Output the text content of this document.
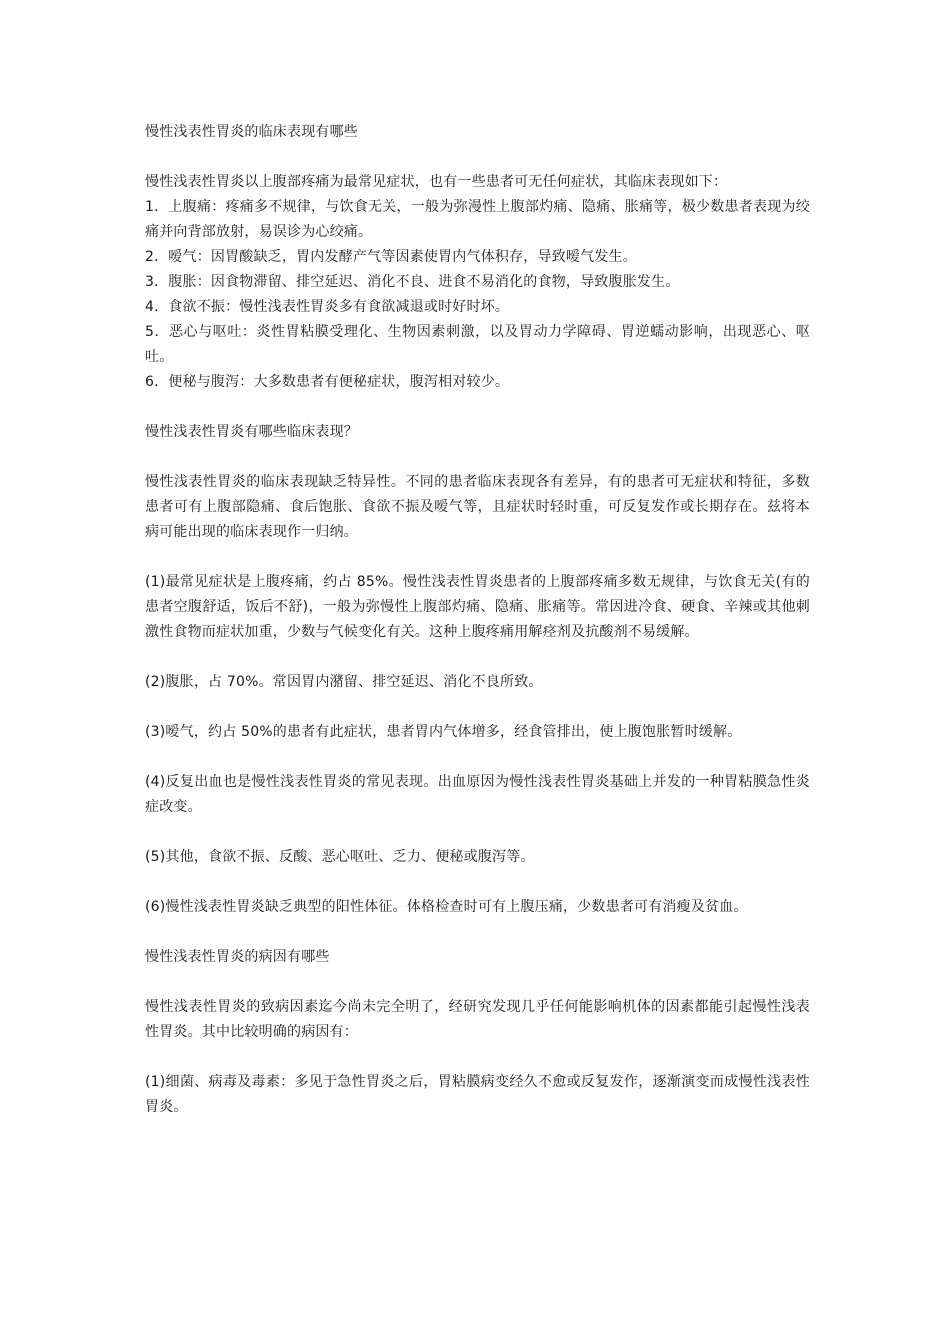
慢性浅表性胃炎的临床表现有哪些

慢性浅表性胃炎以上腹部疼痛为最常见症状，也有一些患者可无任何症状，其临床表现如下：

1．上腹痛：疼痛多不规律，与饮食无关，一般为弥漫性上腹部灼痛、隐痛、胀痛等，极少数患者表现为绞痛并向背部放射，易误诊为心绞痛。

2．嗳气：因胃酸缺乏，胃内发酵产气等因素使胃内气体积存，导致嗳气发生。

3．腹胀：因食物滞留、排空延迟、消化不良、进食不易消化的食物，导致腹胀发生。

4．食欲不振：慢性浅表性胃炎多有食欲减退或时好时坏。

5．恶心与呕吐：炎性胃粘膜受理化、生物因素刺激，以及胃动力学障碍、胃逆蠕动影响，出现恶心、呕吐。

6．便秘与腹泻：大多数患者有便秘症状，腹泻相对较少。

慢性浅表性胃炎有哪些临床表现？

慢性浅表性胃炎的临床表现缺乏特异性。不同的患者临床表现各有差异，有的患者可无症状和特征，多数患者可有上腹部隐痛、食后饱胀、食欲不振及嗳气等，且症状时轻时重，可反复发作或长期存在。兹将本病可能出现的临床表现作一归纳。

(1)最常见症状是上腹疼痛，约占 85%。慢性浅表性胃炎患者的上腹部疼痛多数无规律，与饮食无关(有的患者空腹舒适，饭后不舒)，一般为弥慢性上腹部灼痛、隐痛、胀痛等。常因进冷食、硬食、辛辣或其他刺激性食物而症状加重，少数与气候变化有关。这种上腹疼痛用解痉剂及抗酸剂不易缓解。

(2)腹胀，占 70%。常因胃内潴留、排空延迟、消化不良所致。

(3)嗳气，约占 50%的患者有此症状，患者胃内气体增多，经食管排出，使上腹饱胀暂时缓解。

(4)反复出血也是慢性浅表性胃炎的常见表现。出血原因为慢性浅表性胃炎基础上并发的一种胃粘膜急性炎症改变。

(5)其他，食欲不振、反酸、恶心呕吐、乏力、便秘或腹泻等。

(6)慢性浅表性胃炎缺乏典型的阳性体征。体格检查时可有上腹压痛，少数患者可有消瘦及贫血。

慢性浅表性胃炎的病因有哪些

慢性浅表性胃炎的致病因素迄今尚未完全明了，经研究发现几乎任何能影响机体的因素都能引起慢性浅表性胃炎。其中比较明确的病因有：

(1)细菌、病毒及毒素：多见于急性胃炎之后，胃粘膜病变经久不愈或反复发作，逐渐演变而成慢性浅表性胃炎。
